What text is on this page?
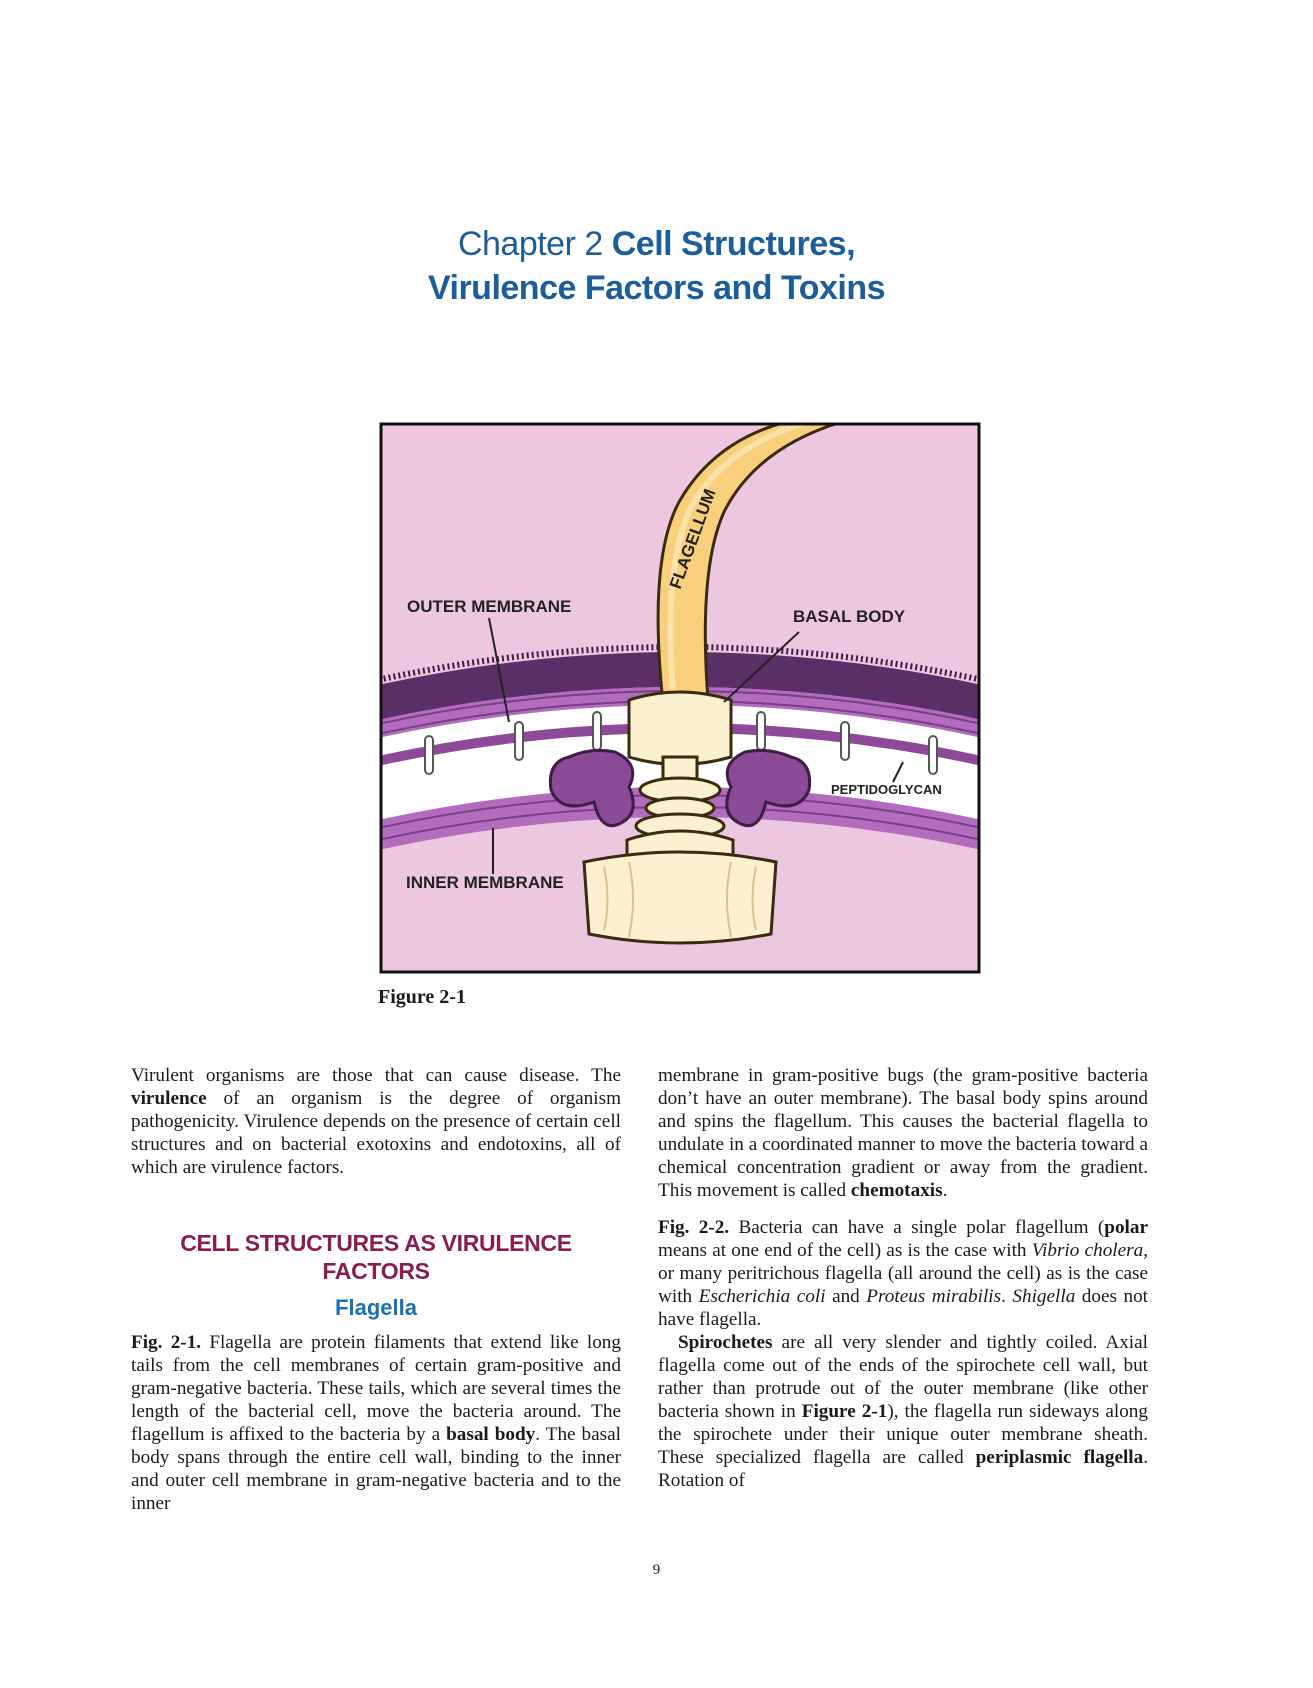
Chapter 2 Cell Structures,
Virulence Factors and Toxins
FLAGELLUM
OUTER MEMBRANE
BASAL BODY
PEPTIDOGLYCAN
INNER MEMBRANE
Figure 2-1

Virulent organisms are those that can cause disease. The virulence of an organism is the degree of organism pathogenicity. Virulence depends on the presence of certain cell structures and on bacterial exotoxins and endotoxins, all of which are virulence factors.

CELL STRUCTURES AS VIRULENCE FACTORS
Flagella

Fig. 2-1. Flagella are protein filaments that extend like long tails from the cell membranes of certain gram-positive and gram-negative bacteria. These tails, which are several times the length of the bacterial cell, move the bacteria around. The flagellum is affixed to the bacteria by a basal body. The basal body spans through the entire cell wall, binding to the inner and outer cell membrane in gram-negative bacteria and to the inner

membrane in gram-positive bugs (the gram-positive bacteria don’t have an outer membrane). The basal body spins around and spins the flagellum. This causes the bacterial flagella to undulate in a coordinated manner to move the bacteria toward a chemical concentration gradient or away from the gradient. This movement is called chemotaxis.

Fig. 2-2. Bacteria can have a single polar flagellum (polar means at one end of the cell) as is the case with Vibrio cholera, or many peritrichous flagella (all around the cell) as is the case with Escherichia coli and Proteus mirabilis. Shigella does not have flagella.

Spirochetes are all very slender and tightly coiled. Axial flagella come out of the ends of the spirochete cell wall, but rather than protrude out of the outer membrane (like other bacteria shown in Figure 2-1), the flagella run sideways along the spirochete under their unique outer membrane sheath. These specialized flagella are called periplasmic flagella. Rotation of

9
